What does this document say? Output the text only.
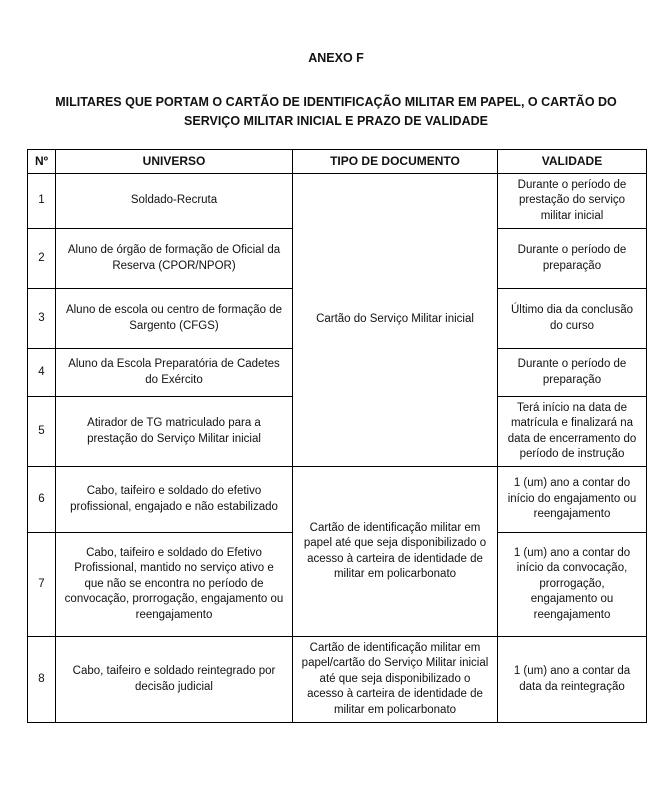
ANEXO F
MILITARES QUE PORTAM O CARTÃO DE IDENTIFICAÇÃO MILITAR EM PAPEL, O CARTÃO DO SERVIÇO MILITAR INICIAL E PRAZO DE VALIDADE
Nº	UNIVERSO	TIPO DE DOCUMENTO	VALIDADE
1	Soldado-Recruta	Cartão do Serviço Militar inicial	Durante o período de prestação do serviço militar inicial
2	Aluno de órgão de formação de Oficial da Reserva (CPOR/NPOR)		Durante o período de preparação
3	Aluno de escola ou centro de formação de Sargento (CFGS)		Último dia da conclusão do curso
4	Aluno da Escola Preparatória de Cadetes do Exército		Durante o período de preparação
5	Atirador de TG matriculado para a prestação do Serviço Militar inicial		Terá início na data de matrícula e finalizará na data de encerramento do período de instrução
6	Cabo, taifeiro e soldado do efetivo profissional, engajado e não estabilizado	Cartão de identificação militar em papel até que seja disponibilizado o acesso à carteira de identidade de militar em policarbonato	1 (um) ano a contar do início do engajamento ou reengajamento
7	Cabo, taifeiro e soldado do Efetivo Profissional, mantido no serviço ativo e que não se encontra no período de convocação, prorrogação, engajamento ou reengajamento		1 (um) ano a contar do início da convocação, prorrogação, engajamento ou reengajamento
8	Cabo, taifeiro e soldado reintegrado por decisão judicial	Cartão de identificação militar em papel/cartão do Serviço Militar inicial até que seja disponibilizado o acesso à carteira de identidade de militar em policarbonato	1 (um) ano a contar da data da reintegração
